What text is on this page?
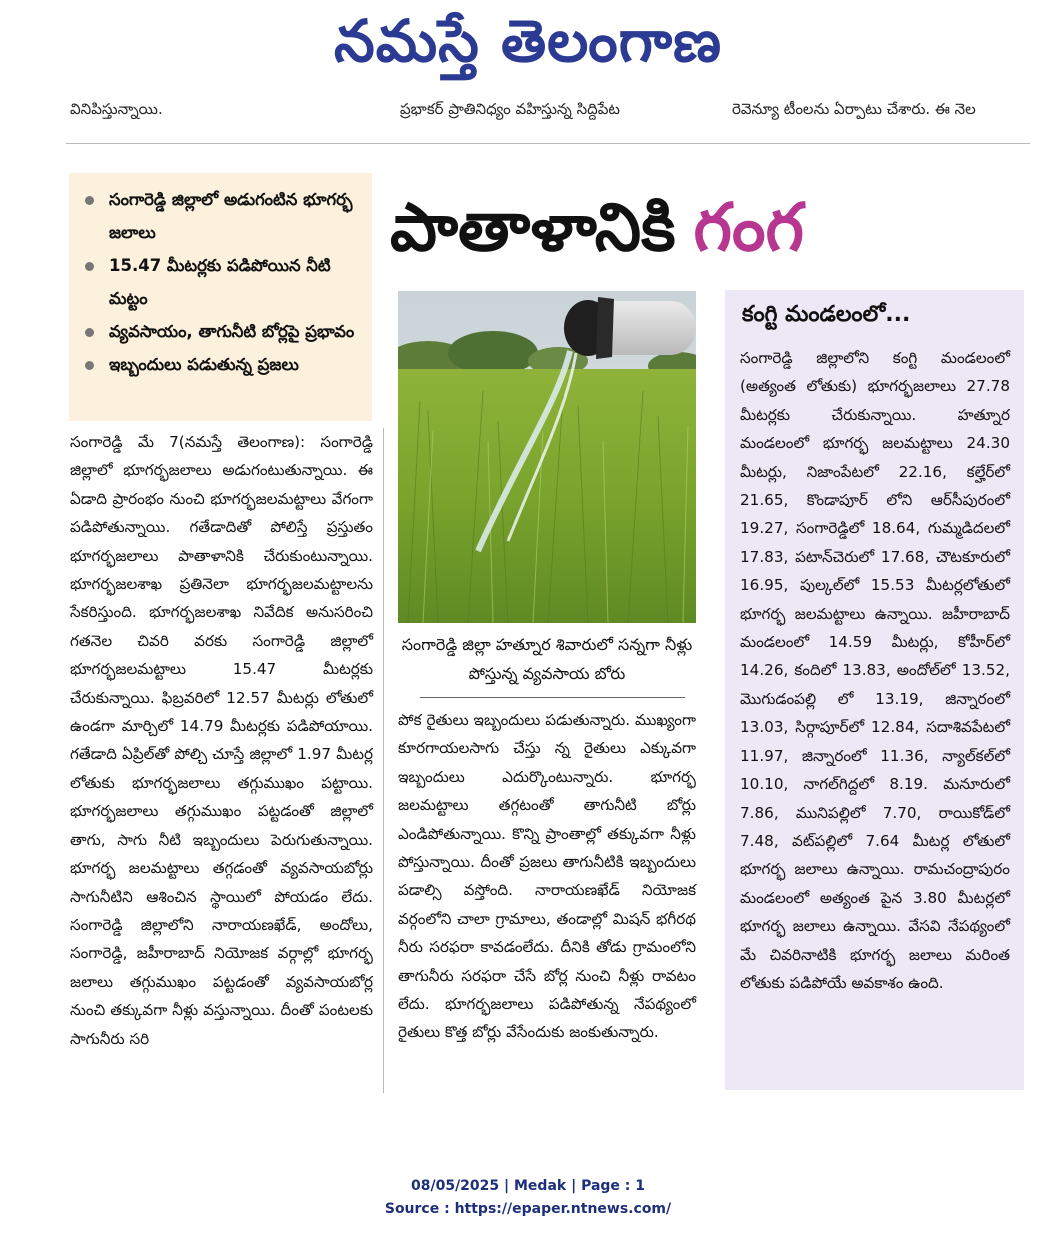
నమస్తే తెలంగాణ
వినిపిస్తున్నాయి.	ప్రభాకర్ ప్రాతినిధ్యం వహిస్తున్న సిద్దిపేట	రెవెన్యూ టీంలను ఏర్పాటు చేశారు. ఈ నెల
సంగారెడ్డి జిల్లాలో అడుగంటిన భూగర్భ జలాలు
15.47 మీటర్లకు పడిపోయిన నీటి మట్టం
వ్యవసాయం, తాగునీటి బోర్లపై ప్రభావం
ఇబ్బందులు పడుతున్న ప్రజలు
పాతాళానికి గంగ
సంగారెడ్డి జిల్లా హత్నూర శివారులో సన్నగా నీళ్లు పోస్తున్న వ్యవసాయ బోరు

సంగారెడ్డి మే 7(నమస్తే తెలంగాణ): సంగారెడ్డి జిల్లాలో భూగర్భజలాలు అడుగంటుతున్నాయి. ఈ ఏడాది ప్రారంభం నుంచి భూగర్భజలమట్టాలు వేగంగా పడిపోతున్నాయి. గతేడాదితో పోలిస్తే ప్రస్తుతం భూగర్భజలాలు పాతాళానికి చేరుకుంటున్నాయి. భూగర్భజలశాఖ ప్రతినెలా భూగర్భజలమట్టాలను సేకరిస్తుంది. భూగర్భజలశాఖ నివేదిక అనుసరించి గతనెల చివరి వరకు సంగారెడ్డి జిల్లాలో భూగర్భజలమట్టాలు 15.47 మీటర్లకు చేరుకున్నాయి. ఫిబ్రవరిలో 12.57 మీటర్లు లోతులో ఉండగా మార్చిలో 14.79 మీటర్లకు పడిపోయాయి. గతేడాది ఏప్రిల్‌తో పోల్చి చూస్తే జిల్లాలో 1.97 మీటర్ల లోతుకు భూగర్భజలాలు తగ్గుముఖం పట్టాయి. భూగర్భజలాలు తగ్గుముఖం పట్టడంతో జిల్లాలో తాగు, సాగు నీటి ఇబ్బందులు పెరుగుతున్నాయి. భూగర్భ జలమట్టాలు తగ్గడంతో వ్యవసాయబోర్లు సాగునీటిని ఆశించిన స్థాయిలో పోయడం లేదు. సంగారెడ్డి జిల్లాలోని నారాయణఖేడ్, అందోలు, సంగారెడ్డి, జహీరాబాద్ నియోజక వర్గాల్లో భూగర్భ జలాలు తగ్గుముఖం పట్టడంతో వ్యవసాయబోర్ల నుంచి తక్కువగా నీళ్లు వస్తున్నాయి. దీంతో పంటలకు సాగునీరు సరి

పోక రైతులు ఇబ్బందులు పడుతున్నారు. ముఖ్యంగా కూరగాయలసాగు చేస్తు న్న రైతులు ఎక్కువగా ఇబ్బందులు ఎదుర్కొంటున్నారు. భూగర్భ జలమట్టాలు తగ్గటంతో తాగునీటి బోర్లు ఎండిపోతున్నాయి. కొన్ని ప్రాంతాల్లో తక్కువగా నీళ్లు పోస్తున్నాయి. దీంతో ప్రజలు తాగునీటికి ఇబ్బందులు పడాల్సి వస్తోంది. నారాయణఖేడ్ నియోజక వర్గంలోని చాలా గ్రామాలు, తండాల్లో మిషన్ భగీరథ నీరు సరఫరా కావడంలేదు. దీనికి తోడు గ్రామంలోని తాగునీరు సరఫరా చేసే బోర్ల నుంచి నీళ్లు రావటం లేదు. భూగర్భజలాలు పడిపోతున్న నేపథ్యంలో రైతులు కొత్త బోర్లు వేసేందుకు జంకుతున్నారు.

కంగ్టి మండలంలో...

సంగారెడ్డి జిల్లాలోని కంగ్టి మండలంలో (అత్యంత లోతుకు) భూగర్భజలాలు 27.78 మీటర్లకు చేరుకున్నాయి. హత్నూర మండలంలో భూగర్భ జలమట్టాలు 24.30 మీటర్లు, నిజాంపేటలో 22.16, కల్హేర్‌లో 21.65, కొండాపూర్ లోని ఆర్‌సీపురంలో 19.27, సంగారెడ్డిలో 18.64, గుమ్మడిదలలో 17.83, పటాన్‌చెరులో 17.68, చౌటకూరులో 16.95, పుల్కల్‌లో 15.53 మీటర్లలోతులో భూగర్భ జలమట్టాలు ఉన్నాయి. జహీరాబాద్ మండలంలో 14.59 మీటర్లు, కోహీర్‌లో 14.26, కందిలో 13.83, అందోల్‌లో 13.52, మొగుడంపల్లి లో 13.19, జిన్నారంలో 13.03, సిర్గాపూర్‌లో 12.84, సదాశివపేటలో 11.97, జిన్నారంలో 11.36, న్యాల్‌కల్‌లో 10.10, నాగల్‌గిద్దలో 8.19. మనూరులో 7.86, మునిపల్లిలో 7.70, రాయికోడ్‌లో 7.48, వట్‌పల్లిలో 7.64 మీటర్ల లోతులో భూగర్భ జలాలు ఉన్నాయి. రామచంద్రాపురం మండలంలో అత్యంత పైన 3.80 మీటర్లలో భూగర్భ జలాలు ఉన్నాయి. వేసవి నేపథ్యంలో మే చివరినాటికి భూగర్భ జలాలు మరింత లోతుకు పడిపోయే అవకాశం ఉంది.

08/05/2025 | Medak | Page : 1
Source : https://epaper.ntnews.com/
